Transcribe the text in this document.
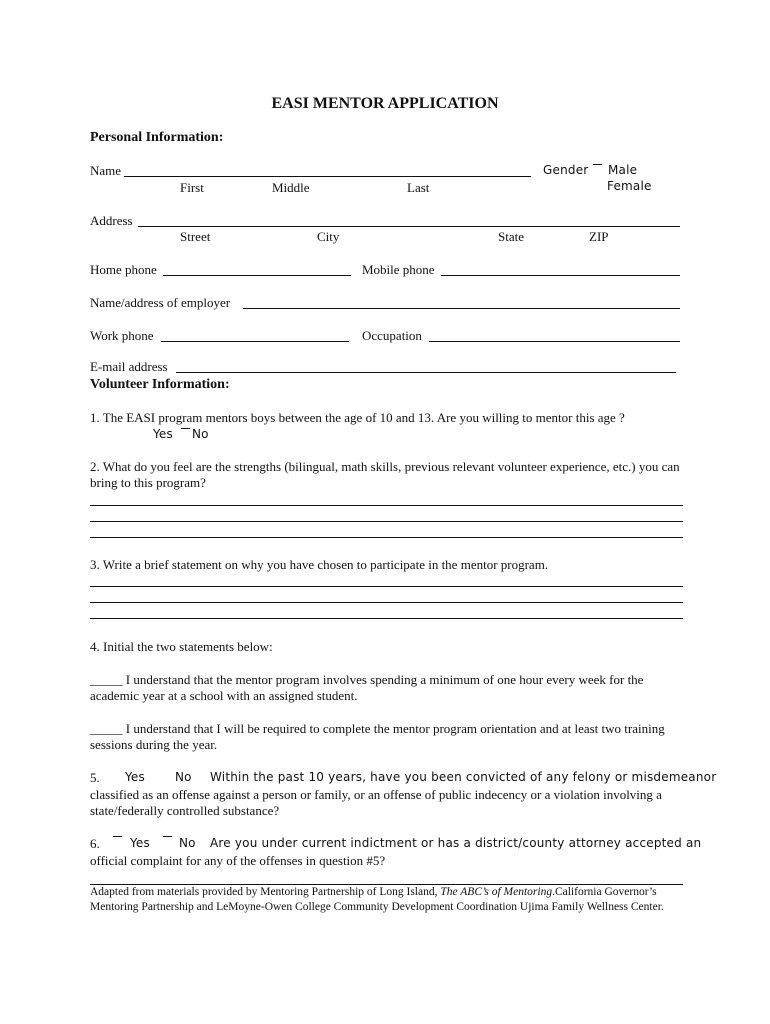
EASI MENTOR APPLICATION
Personal Information:
Name	Gender Male
Female
First	Middle	Last
Address
Street	City	State	ZIP
Home phone	Mobile phone
Name/address of employer
Work phone	Occupation
E-mail address
Volunteer Information:
1. The EASI program mentors boys between the age of 10 and 13. Are you willing to mentor this age ?
Yes No
2. What do you feel are the strengths (bilingual, math skills, previous relevant volunteer experience, etc.) you can bring to this program?
3. Write a brief statement on why you have chosen to participate in the mentor program.
4. Initial the two statements below:
_____ I understand that the mentor program involves spending a minimum of one hour every week for the academic year at a school with an assigned student.
_____ I understand that I will be required to complete the mentor program orientation and at least two training sessions during the year.
5. Yes	No Within the past 10 years, have you been convicted of any felony or misdemeanor
classified as an offense against a person or family, or an offense of public indecency or a violation involving a state/federally controlled substance?
6.	Yes No Are you under current indictment or has a district/county attorney accepted an
official complaint for any of the offenses in question #5?
Adapted from materials provided by Mentoring Partnership of Long Island, The ABC’s of Mentoring.California Governor’s Mentoring Partnership and LeMoyne-Owen College Community Development Coordination Ujima Family Wellness Center.
